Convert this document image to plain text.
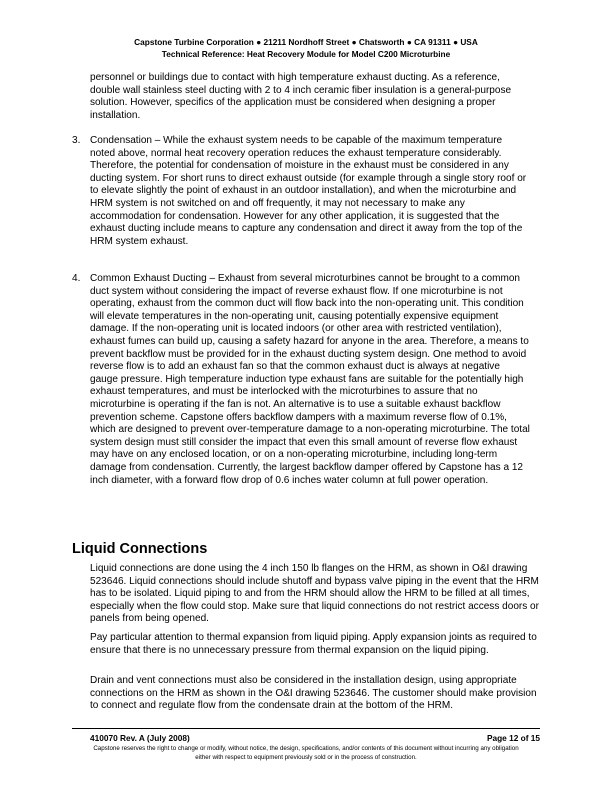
Capstone Turbine Corporation ● 21211 Nordhoff Street ● Chatsworth ● CA 91311 ● USA
Technical Reference: Heat Recovery Module for Model C200 Microturbine

personnel or buildings due to contact with high temperature exhaust ducting. As a reference, double wall stainless steel ducting with 2 to 4 inch ceramic fiber insulation is a general-purpose solution. However, specifics of the application must be considered when designing a proper installation.

3. Condensation – While the exhaust system needs to be capable of the maximum temperature noted above, normal heat recovery operation reduces the exhaust temperature considerably. Therefore, the potential for condensation of moisture in the exhaust must be considered in any ducting system. For short runs to direct exhaust outside (for example through a single story roof or to elevate slightly the point of exhaust in an outdoor installation), and when the microturbine and HRM system is not switched on and off frequently, it may not necessary to make any accommodation for condensation. However for any other application, it is suggested that the exhaust ducting include means to capture any condensation and direct it away from the top of the HRM system exhaust.

4. Common Exhaust Ducting – Exhaust from several microturbines cannot be brought to a common duct system without considering the impact of reverse exhaust flow. If one microturbine is not operating, exhaust from the common duct will flow back into the non-operating unit. This condition will elevate temperatures in the non-operating unit, causing potentially expensive equipment damage. If the non-operating unit is located indoors (or other area with restricted ventilation), exhaust fumes can build up, causing a safety hazard for anyone in the area. Therefore, a means to prevent backflow must be provided for in the exhaust ducting system design. One method to avoid reverse flow is to add an exhaust fan so that the common exhaust duct is always at negative gauge pressure. High temperature induction type exhaust fans are suitable for the potentially high exhaust temperatures, and must be interlocked with the microturbines to assure that no microturbine is operating if the fan is not. An alternative is to use a suitable exhaust backflow prevention scheme. Capstone offers backflow dampers with a maximum reverse flow of 0.1%, which are designed to prevent over-temperature damage to a non-operating microturbine. The total system design must still consider the impact that even this small amount of reverse flow exhaust may have on any enclosed location, or on a non-operating microturbine, including long-term damage from condensation. Currently, the largest backflow damper offered by Capstone has a 12 inch diameter, with a forward flow drop of 0.6 inches water column at full power operation.

Liquid Connections

Liquid connections are done using the 4 inch 150 lb flanges on the HRM, as shown in O&I drawing 523646. Liquid connections should include shutoff and bypass valve piping in the event that the HRM has to be isolated. Liquid piping to and from the HRM should allow the HRM to be filled at all times, especially when the flow could stop. Make sure that liquid connections do not restrict access doors or panels from being opened.

Pay particular attention to thermal expansion from liquid piping. Apply expansion joints as required to ensure that there is no unnecessary pressure from thermal expansion on the liquid piping.

Drain and vent connections must also be considered in the installation design, using appropriate connections on the HRM as shown in the O&I drawing 523646. The customer should make provision to connect and regulate flow from the condensate drain at the bottom of the HRM.

410070 Rev. A (July 2008)	Page 12 of 15
Capstone reserves the right to change or modify, without notice, the design, specifications, and/or contents of this document without incurring any obligation either with respect to equipment previously sold or in the process of construction.
